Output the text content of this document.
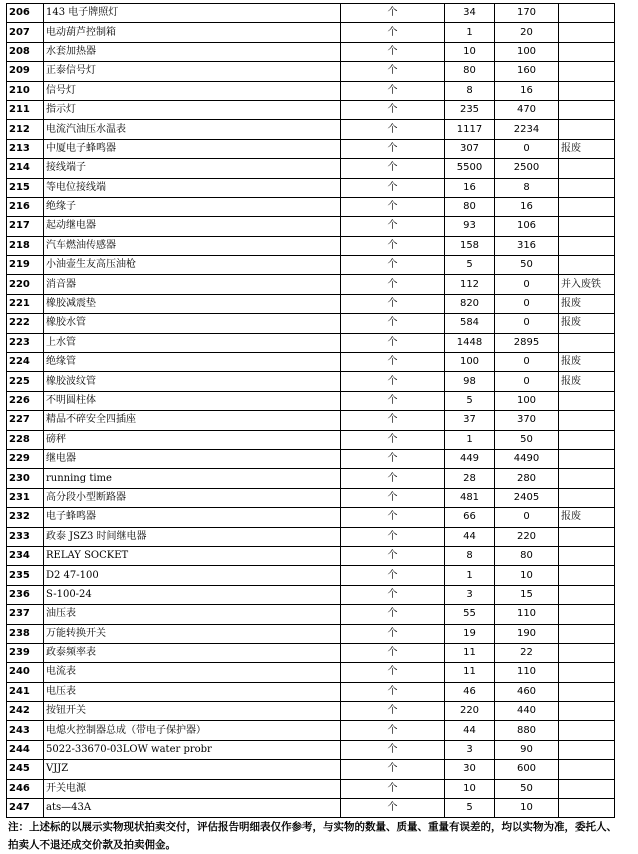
206	143 电子牌照灯	个	34	170	
207	电动葫芦控制箱	个	1	20	
208	水套加热器	个	10	100	
209	正泰信号灯	个	80	160	
210	信号灯	个	8	16	
211	指示灯	个	235	470	
212	电流汽油压水温表	个	1117	2234	
213	中厦电子蜂鸣器	个	307	0	报废
214	接线端子	个	5500	2500	
215	等电位接线端	个	16	8	
216	绝缘子	个	80	16	
217	起动继电器	个	93	106	
218	汽车燃油传感器	个	158	316	
219	小油壶生友高压油枪	个	5	50	
220	消音器	个	112	0	并入废铁
221	橡胶减震垫	个	820	0	报废
222	橡胶水管	个	584	0	报废
223	上水管	个	1448	2895	
224	绝缘管	个	100	0	报废
225	橡胶波纹管	个	98	0	报废
226	不明圆柱体	个	5	100	
227	精品不碎安全四插座	个	37	370	
228	磅秤	个	1	50	
229	继电器	个	449	4490	
230	running time	个	28	280	
231	高分段小型断路器	个	481	2405	
232	电子蜂鸣器	个	66	0	报废
233	政泰 JSZ3 时间继电器	个	44	220	
234	RELAY SOCKET	个	8	80	
235	D2 47-100	个	1	10	
236	S-100-24	个	3	15	
237	油压表	个	55	110	
238	万能转换开关	个	19	190	
239	政泰频率表	个	11	22	
240	电流表	个	11	110	
241	电压表	个	46	460	
242	按钮开关	个	220	440	
243	电熄火控制器总成（带电子保护器）	个	44	880	
244	5022-33670-03LOW water probr	个	3	90	
245	VJJZ	个	30	600	
246	开关电源	个	10	50	
247	ats—43A	个	5	10	
注：上述标的以展示实物现状拍卖交付，评估报告明细表仅作参考，与实物的数量、质量、重量有误差的，均以实物为准，委托人、拍卖人不退还成交价款及拍卖佣金。
